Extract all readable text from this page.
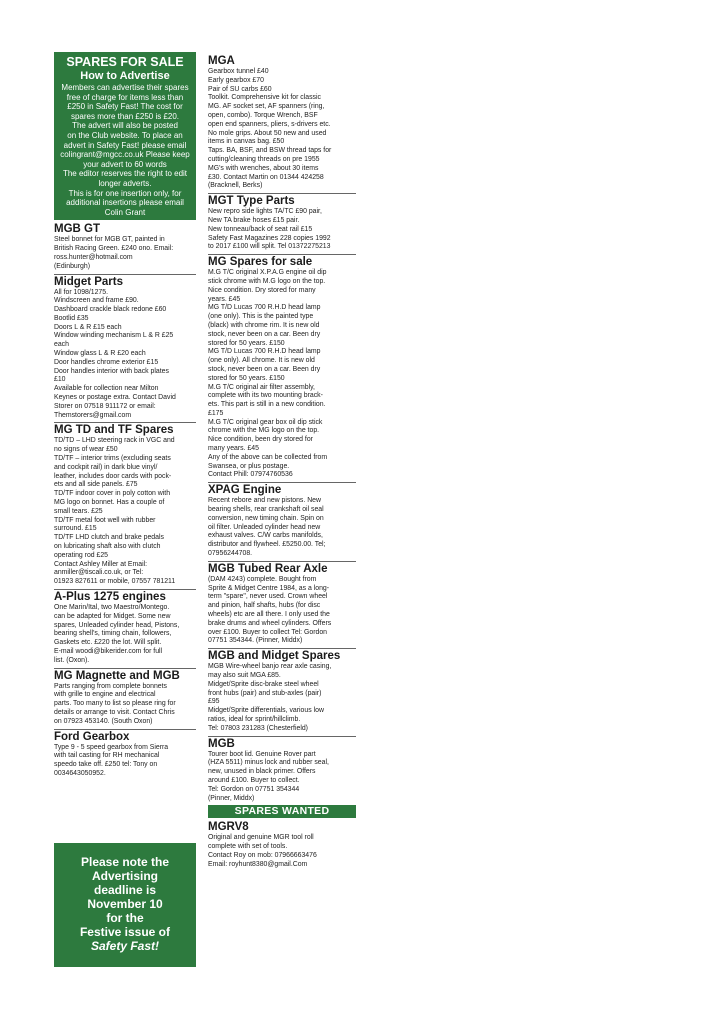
SPARES FOR SALE
How to Advertise
Members can advertise their spares
free of charge for items less than
£250 in Safety Fast! The cost for
spares more than £250 is £20.
The advert will also be posted
on the Club website. To place an
advert in Safety Fast! please email
colingrant@mgcc.co.uk Please keep
your advert to 60 words
The editor reserves the right to edit
longer adverts.
This is for one insertion only, for
additional insertions please email
Colin Grant
MGB GT
Steel bonnet for MGB GT, painted in
British Racing Green. £240 ono. Email:
ross.hunter@hotmail.com
(Edinburgh)
Midget Parts
All for 1098/1275.
Windscreen and frame £90.
Dashboard crackle black redone £60
Bootlid £35
Doors L & R £15 each
Window winding mechanism L & R £25
each
Window glass L & R £20 each
Door handles chrome exterior £15
Door handles interior with back plates
£10
Available for collection near Milton
Keynes or postage extra. Contact David
Storer on 07518 911172 or email:
Themstorers@gmail.com
MG TD and TF Spares
TD/TD – LHD steering rack in VGC and
no signs of wear £50
TD/TF – interior trims (excluding seats
and cockpit rail) in dark blue vinyl/
leather, includes door cards with pock-
ets and all side panels. £75
TD/TF indoor cover in poly cotton with
MG logo on bonnet. Has a couple of
small tears. £25
TD/TF metal foot well with rubber
surround. £15
TD/TF LHD clutch and brake pedals
on lubricating shaft also with clutch
operating rod £25
Contact Ashley Miller at Email:
anmiller@tiscali.co.uk, or Tel:
01923 827611 or mobile, 07557 781211
A-Plus 1275 engines
One Marin/Ital, two Maestro/Montego.
can be adapted for Midget. Some new
spares, Unleaded cylinder head, Pistons,
bearing shell's, timing chain, followers,
Gaskets etc. £220 the lot. Will split.
E-mail woodi@bikerider.com for full
list. (Oxon).
MG Magnette and MGB
Parts ranging from complete bonnets
with grille to engine and electrical
parts. Too many to list so please ring for
details or arrange to visit. Contact Chris
on 07923 453140. (South Oxon)
Ford Gearbox
Type 9 - 5 speed gearbox from Sierra
with tail casting for RH mechanical
speedo take off. £250 tel: Tony on
0034643050952.
Please note the
Advertising
deadline is
November 10
for the
Festive issue of
Safety Fast!
MGA
Gearbox tunnel £40
Early gearbox £70
Pair of SU carbs £60
Toolkit. Comprehensive kit for classic
MG. AF socket set, AF spanners (ring,
open, combo). Torque Wrench, BSF
open end spanners, pliers, s-drivers etc.
No mole grips. About 50 new and used
items in canvas bag. £50
Taps. BA, BSF, and BSW thread taps for
cutting/cleaning threads on pre 1955
MG's with wrenches, about 30 items
£30. Contact Martin on 01344 424258
(Bracknell, Berks)
MGT Type Parts
New repro side lights TA/TC £90 pair,
New TA brake hoses £15 pair.
New tonneau/back of seat rail £15
Safety Fast Magazines 228 copies 1992
to 2017 £100 will split. Tel 01372275213
MG Spares for sale
M.G T/C original X.P.A.G engine oil dip
stick chrome with M.G logo on the top.
Nice condition. Dry stored for many
years. £45
MG T/D Lucas 700 R.H.D head lamp
(one only). This is the painted type
(black) with chrome rim. It is new old
stock, never been on a car. Been dry
stored for 50 years. £150
MG T/D Lucas 700 R.H.D head lamp
(one only). All chrome. It is new old
stock, never been on a car. Been dry
stored for 50 years. £150
M.G T/C original air filter assembly,
complete with its two mounting brack-
ets. This part is still in a new condition.
£175
M.G T/C original gear box oil dip stick
chrome with the MG logo on the top.
Nice condition, been dry stored for
many years. £45
Any of the above can be collected from
Swansea, or plus postage.
Contact Phill: 07974760536
XPAG Engine
Recent rebore and new pistons. New
bearing shells, rear crankshaft oil seal
conversion, new timing chain. Spin on
oil filter. Unleaded cylinder head new
exhaust valves. C/W carbs manifolds,
distributor and flywheel. £5250.00. Tel;
07956244708.
MGB Tubed Rear Axle
(DAM 4243) complete. Bought from
Sprite & Midget Centre 1984, as a long-
term "spare", never used. Crown wheel
and pinion, half shafts, hubs (for disc
wheels) etc are all there. I only used the
brake drums and wheel cylinders. Offers
over £100. Buyer to collect Tel: Gordon
07751 354344. (Pinner, Middx)
MGB and Midget Spares
MGB Wire-wheel banjo rear axle casing,
may also suit MGA £85.
Midget/Sprite disc-brake steel wheel
front hubs (pair) and stub-axles (pair)
£95
Midget/Sprite differentials, various low
ratios, ideal for sprint/hillclimb.
Tel: 07803 231283 (Chesterfield)
MGB
Tourer boot lid. Genuine Rover part
(HZA 5511) minus lock and rubber seal,
new, unused in black primer. Offers
around £100. Buyer to collect.
Tel: Gordon on 07751 354344
(Pinner, Middx)
SPARES WANTED
MGRV8
Original and genuine MGR tool roll
complete with set of tools.
Contact Roy on mob: 07966663476
Email: royhunt8380@gmail.Com
